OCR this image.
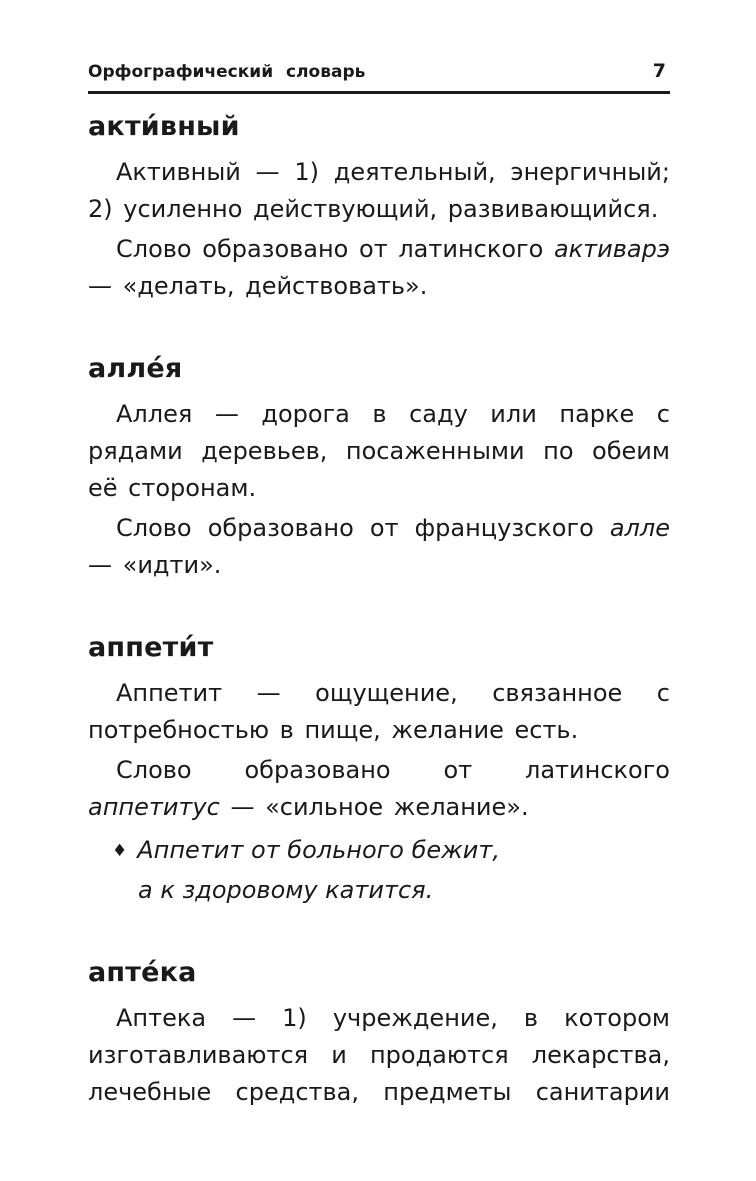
Орфографический словарь	7
акти́вный

Активный — 1) деятельный, энергичный; 2) усиленно действующий, развивающийся.

Слово образовано от латинского активарэ — «делать, действовать».

алле́я

Аллея — дорога в саду или парке с рядами деревьев, посаженными по обеим её сторонам.

Слово образовано от французского алле — «идти».

аппети́т

Аппетит — ощущение, связанное с потребностью в пище, желание есть.

Слово образовано от латинского аппетитус — «сильное желание».

♦ Аппетит от больного бежит,
а к здоровому катится.
апте́ка

Аптека — 1) учреждение, в котором изготавливаются и продаются лекарства, лечебные средства, предметы санитарии
